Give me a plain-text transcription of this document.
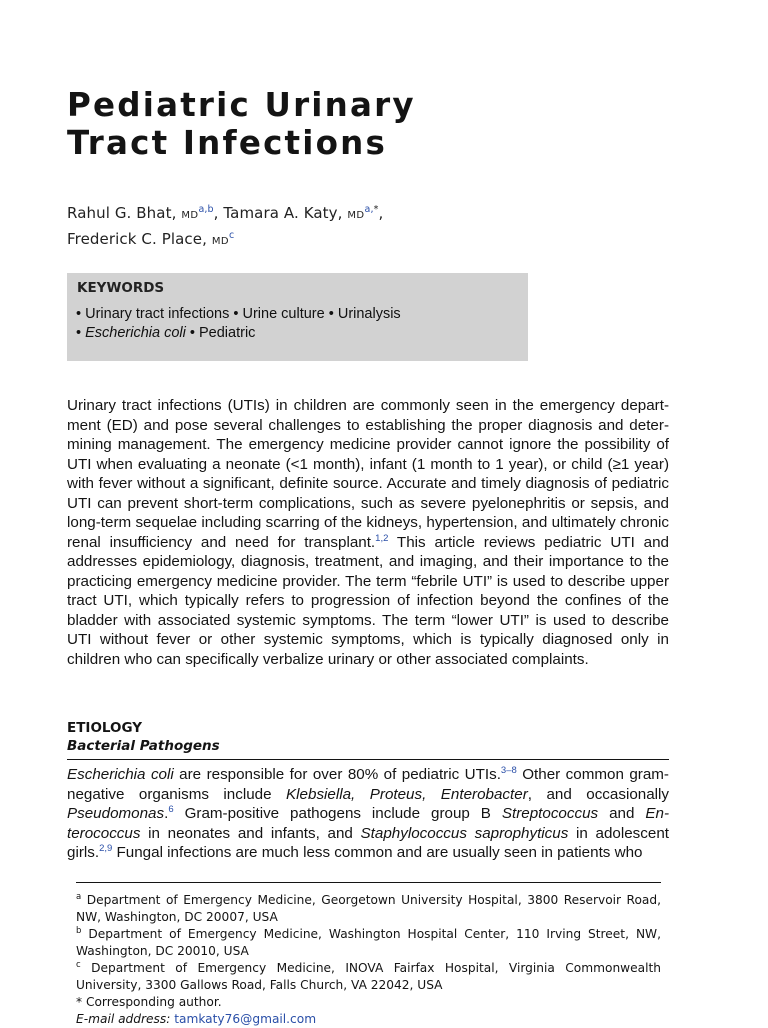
Pediatric Urinary
Tract Infections
Rahul G. Bhat, MD$^{a,b}$, Tamara A. Katy, $MD^{a,*}$,
Frederick C. Place, $MD^c$
KEYWORDS
• Urinary tract infections • Urine culture • Urinalysis
• Escherichia coli • Pediatric

Urinary tract infections (UTIs) in children are commonly seen in the emergency department (ED) and pose several challenges to establishing the proper diagnosis and determining management. The emergency medicine provider cannot ignore the possibility of UTI when evaluating a neonate (<1 month), infant (1 month to 1 year), or child (≥1 year) with fever without a significant, definite source. Accurate and timely diagnosis of pediatric UTI can prevent short-term complications, such as severe pyelonephritis or sepsis, and long-term sequelae including scarring of the kidneys, hypertension, and ultimately chronic renal insufficiency and need for transplant.$^{1,2}$ This article reviews pediatric UTI and addresses epidemiology, diagnosis, treatment, and imaging, and their importance to the practicing emergency medicine provider. The term “febrile UTI” is used to describe upper tract UTI, which typically refers to progression of infection beyond the confines of the bladder with associated systemic symptoms. The term “lower UTI” is used to describe UTI without fever or other systemic symptoms, which is typically diagnosed only in children who can specifically verbalize urinary or other associated complaints.

ETIOLOGY
Bacterial Pathogens

Escherichia coli are responsible for over 80% of pediatric UTIs.$^{3-8}$ Other common gram-negative organisms include Klebsiella, Proteus, Enterobacter, and occasionally Pseudomonas.$^6$ Gram-positive pathogens include group B Streptococcus and Enterococcus in neonates and infants, and Staphylococcus saprophyticus in adolescent girls.$^{2,9}$ Fungal infections are much less common and are usually seen in patients who

$^a$ Department of Emergency Medicine, Georgetown University Hospital, 3800 Reservoir Road, NW, Washington, DC 20007, USA
$^b$ Department of Emergency Medicine, Washington Hospital Center, 110 Irving Street, NW, Washington, DC 20010, USA
$^c$ Department of Emergency Medicine, INOVA Fairfax Hospital, Virginia Commonwealth University, 3300 Gallows Road, Falls Church, VA 22042, USA
* Corresponding author.
E-mail address: tamkaty76@gmail.com
